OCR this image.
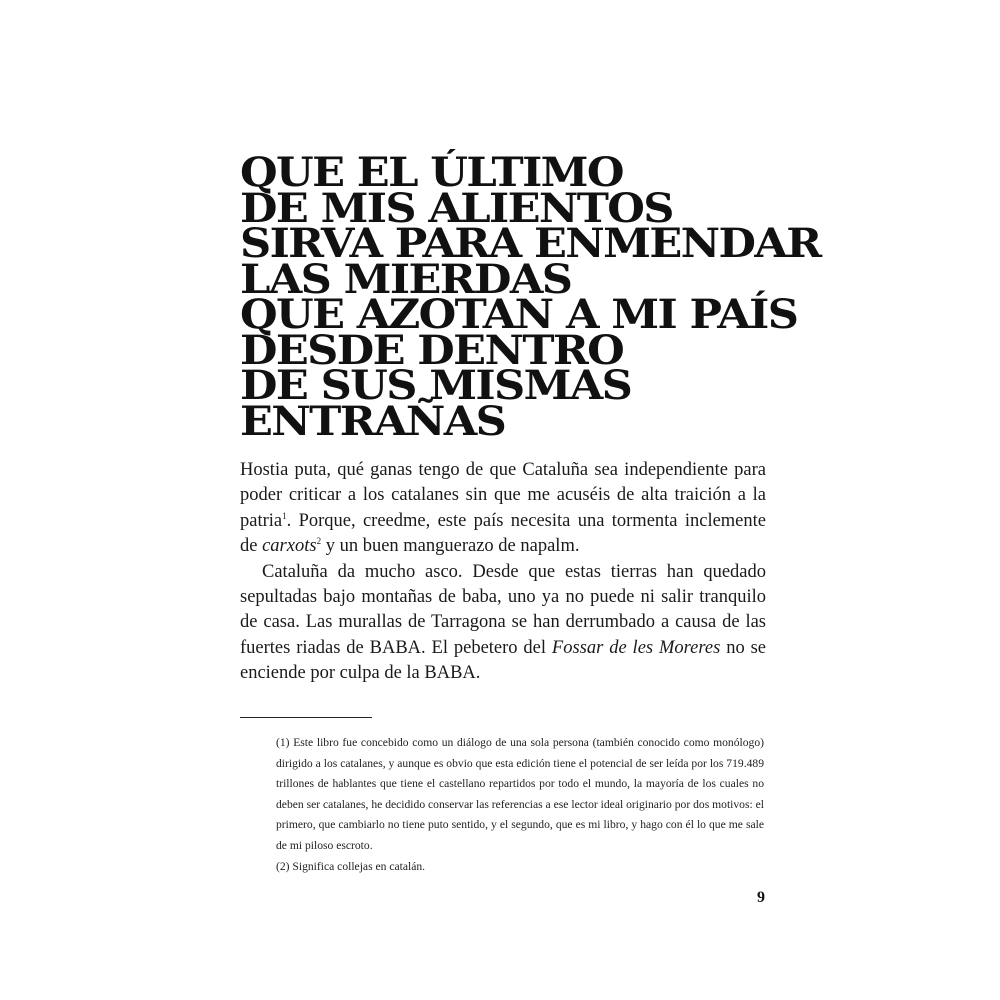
QUE EL ÚLTIMO
DE MIS ALIENTOS
SIRVA PARA ENMENDAR
LAS MIERDAS
QUE AZOTAN A MI PAÍS
DESDE DENTRO
DE SUS MISMAS
ENTRAÑAS

Hostia puta, qué ganas tengo de que Cataluña sea independiente para poder criticar a los catalanes sin que me acuséis de alta traición a la patria$^1$. Porque, creedme, este país necesita una tormenta inclemente de carxots$^2$ y un buen manguerazo de napalm.

Cataluña da mucho asco. Desde que estas tierras han quedado sepultadas bajo montañas de baba, uno ya no puede ni salir tranquilo de casa. Las murallas de Tarragona se han derrumbado a causa de las fuertes riadas de BABA. El pebetero del Fossar de les Moreres no se enciende por culpa de la BABA.

(1) Este libro fue concebido como un diálogo de una sola persona (también conocido como monólogo) dirigido a los catalanes, y aunque es obvio que esta edición tiene el potencial de ser leída por los 719.489 trillones de hablantes que tiene el castellano repartidos por todo el mundo, la mayoría de los cuales no deben ser catalanes, he decidido conservar las referencias a ese lector ideal originario por dos motivos: el primero, que cambiarlo no tiene puto sentido, y el segundo, que es mi libro, y hago con él lo que me sale de mi piloso escroto.

(2) Significa collejas en catalán.

9
